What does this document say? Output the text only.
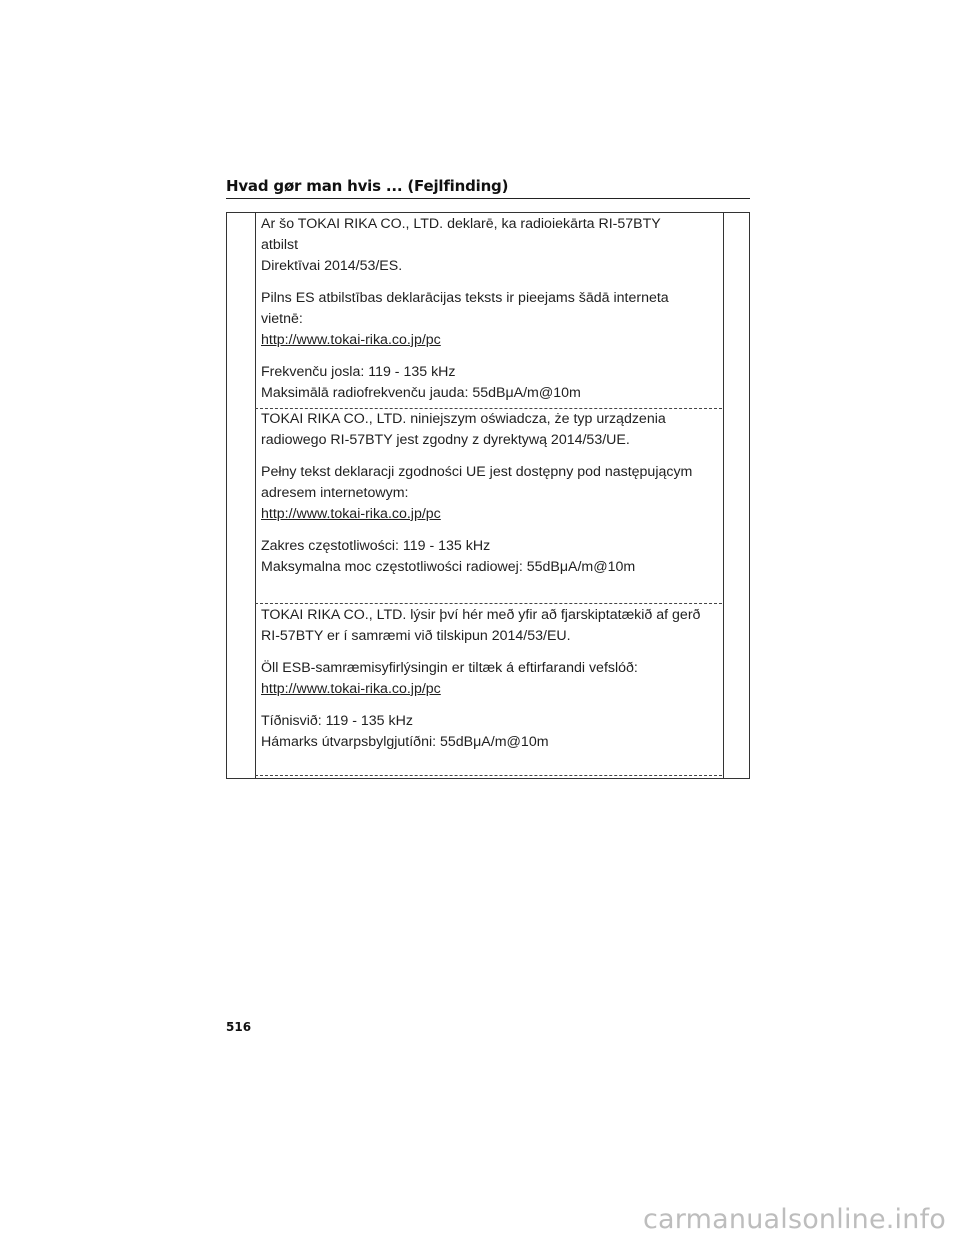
Hvad gør man hvis ... (Fejlfinding)

Ar šo TOKAI RIKA CO., LTD. deklarē, ka radioiekārta RI-57BTY atbilst

Direktīvai 2014/53/ES.

Pilns ES atbilstības deklarācijas teksts ir pieejams šādā interneta

vietnē:

http://www.tokai-rika.co.jp/pc

Frekvenču josla: 119 - 135 kHz

Maksimālā radiofrekvenču jauda: 55dBμA/m@10m

TOKAI RIKA CO., LTD. niniejszym oświadcza, że typ urządzenia

radiowego RI-57BTY jest zgodny z dyrektywą 2014/53/UE.

Pełny tekst deklaracji zgodności UE jest dostępny pod następującym

adresem internetowym:

http://www.tokai-rika.co.jp/pc

Zakres częstotliwości: 119 - 135 kHz

Maksymalna moc częstotliwości radiowej: 55dBμA/m@10m

TOKAI RIKA CO., LTD. lýsir því hér með yfir að fjarskiptatækið af gerð

RI-57BTY er í samræmi við tilskipun 2014/53/EU.

Öll ESB-samræmisyfirlýsingin er tiltæk á eftirfarandi vefslóð:

http://www.tokai-rika.co.jp/pc

Tíðnisvið: 119 - 135 kHz

Hámarks útvarpsbylgjutíðni: 55dBμA/m@10m

516
carmanualsonline.info
